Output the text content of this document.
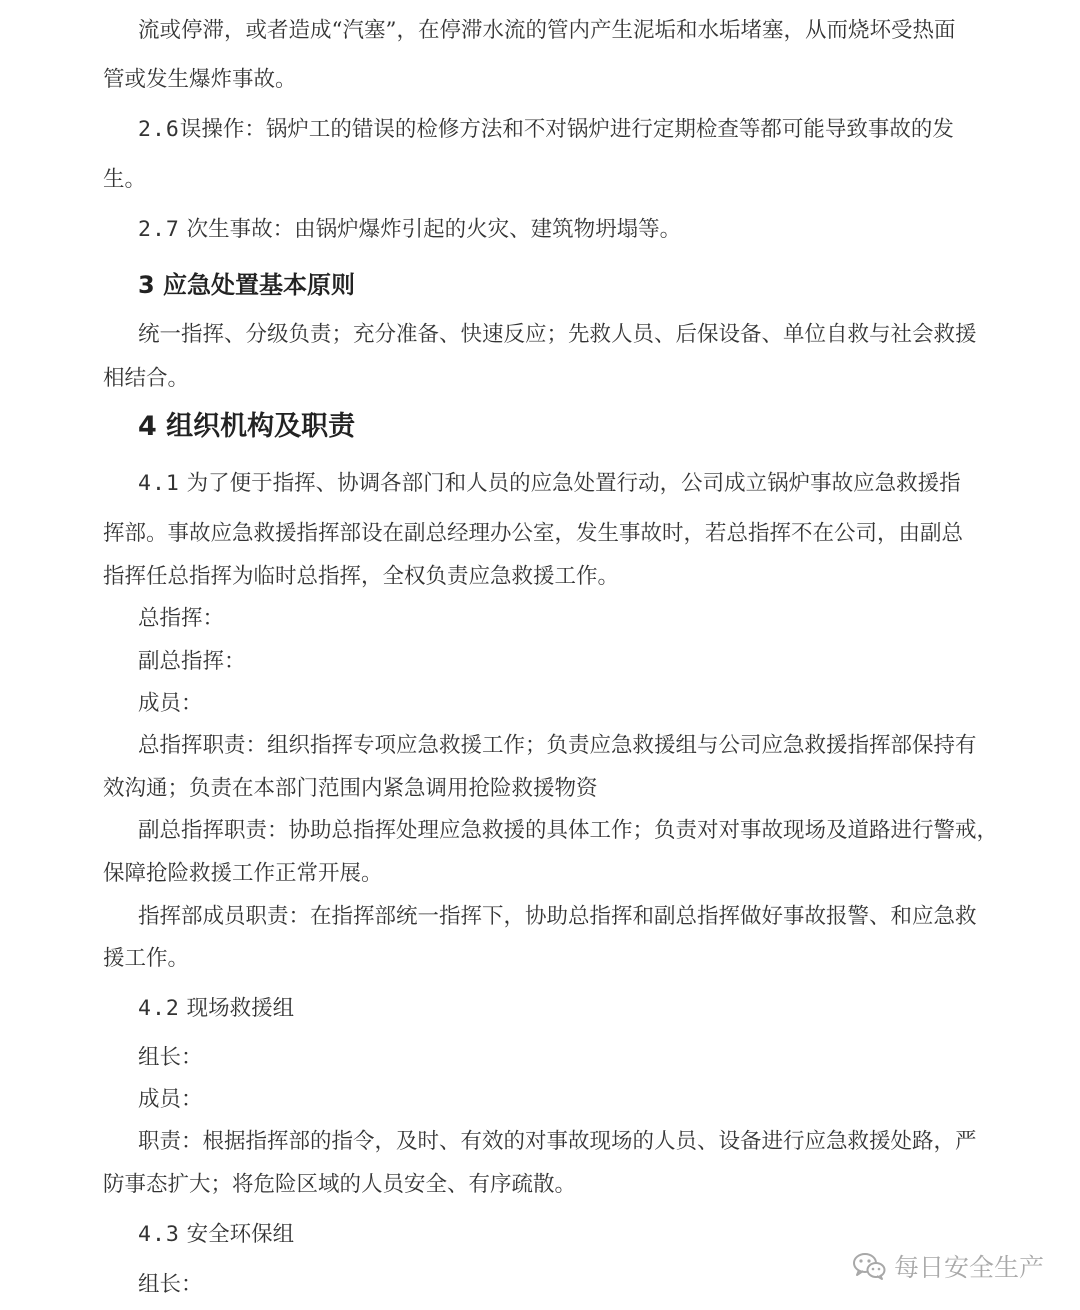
流或停滞，或者造成“汽塞”，在停滞水流的管内产生泥垢和水垢堵塞，从而烧坏受热面
管或发生爆炸事故。
2.6误操作：锅炉工的错误的检修方法和不对锅炉进行定期检查等都可能导致事故的发
生。
2.7 次生事故：由锅炉爆炸引起的火灾、建筑物坍塌等。
3 应急处置基本原则
统一指挥、分级负责；充分准备、快速反应；先救人员、后保设备、单位自救与社会救援
相结合。
4 组织机构及职责
4.1 为了便于指挥、协调各部门和人员的应急处置行动，公司成立锅炉事故应急救援指
挥部。事故应急救援指挥部设在副总经理办公室，发生事故时，若总指挥不在公司，由副总
指挥任总指挥为临时总指挥，全权负责应急救援工作。
总指挥：
副总指挥：
成员：
总指挥职责：组织指挥专项应急救援工作；负责应急救援组与公司应急救援指挥部保持有
效沟通；负责在本部门范围内紧急调用抢险救援物资
副总指挥职责：协助总指挥处理应急救援的具体工作；负责对对事故现场及道路进行警戒，
保障抢险救援工作正常开展。
指挥部成员职责：在指挥部统一指挥下，协助总指挥和副总指挥做好事故报警、和应急救
援工作。
4.2 现场救援组
组长：
成员：
职责：根据指挥部的指令，及时、有效的对事故现场的人员、设备进行应急救援处路，严
防事态扩大；将危险区域的人员安全、有序疏散。
4.3 安全环保组
组长：
每日安全生产
